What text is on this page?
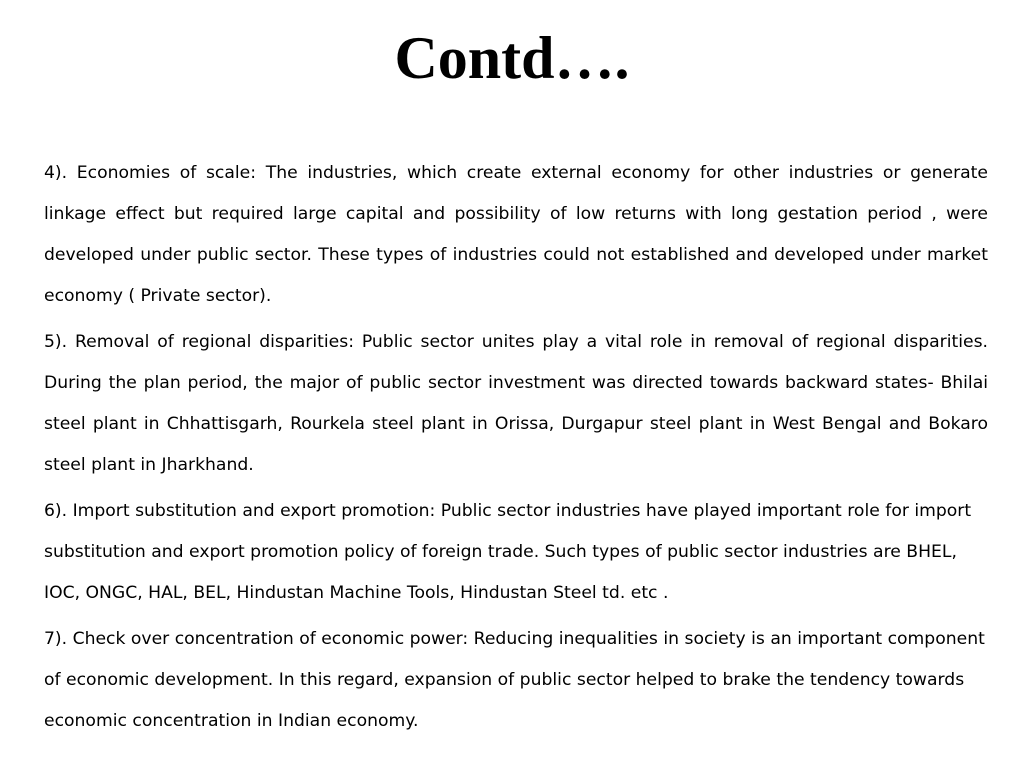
Contd….

4). Economies of scale: The industries, which create external economy for other industries or generate linkage effect but required large capital and possibility of low returns with long gestation period , were developed under public sector. These types of industries could not established and developed under market economy ( Private sector).

5). Removal of regional disparities: Public sector unites play a vital role in removal of regional disparities. During the plan period, the major of public sector investment was directed towards backward states- Bhilai steel plant in Chhattisgarh, Rourkela steel plant in Orissa, Durgapur steel plant in West Bengal and Bokaro steel plant in Jharkhand.

6). Import substitution and export promotion: Public sector industries have played important role for import substitution and export promotion policy of foreign trade. Such types of public sector industries are BHEL, IOC, ONGC, HAL, BEL, Hindustan Machine Tools, Hindustan Steel td. etc .

7). Check over concentration of economic power: Reducing inequalities in society is an important component of economic development. In this regard, expansion of public sector helped to brake the tendency towards economic concentration in Indian economy.
